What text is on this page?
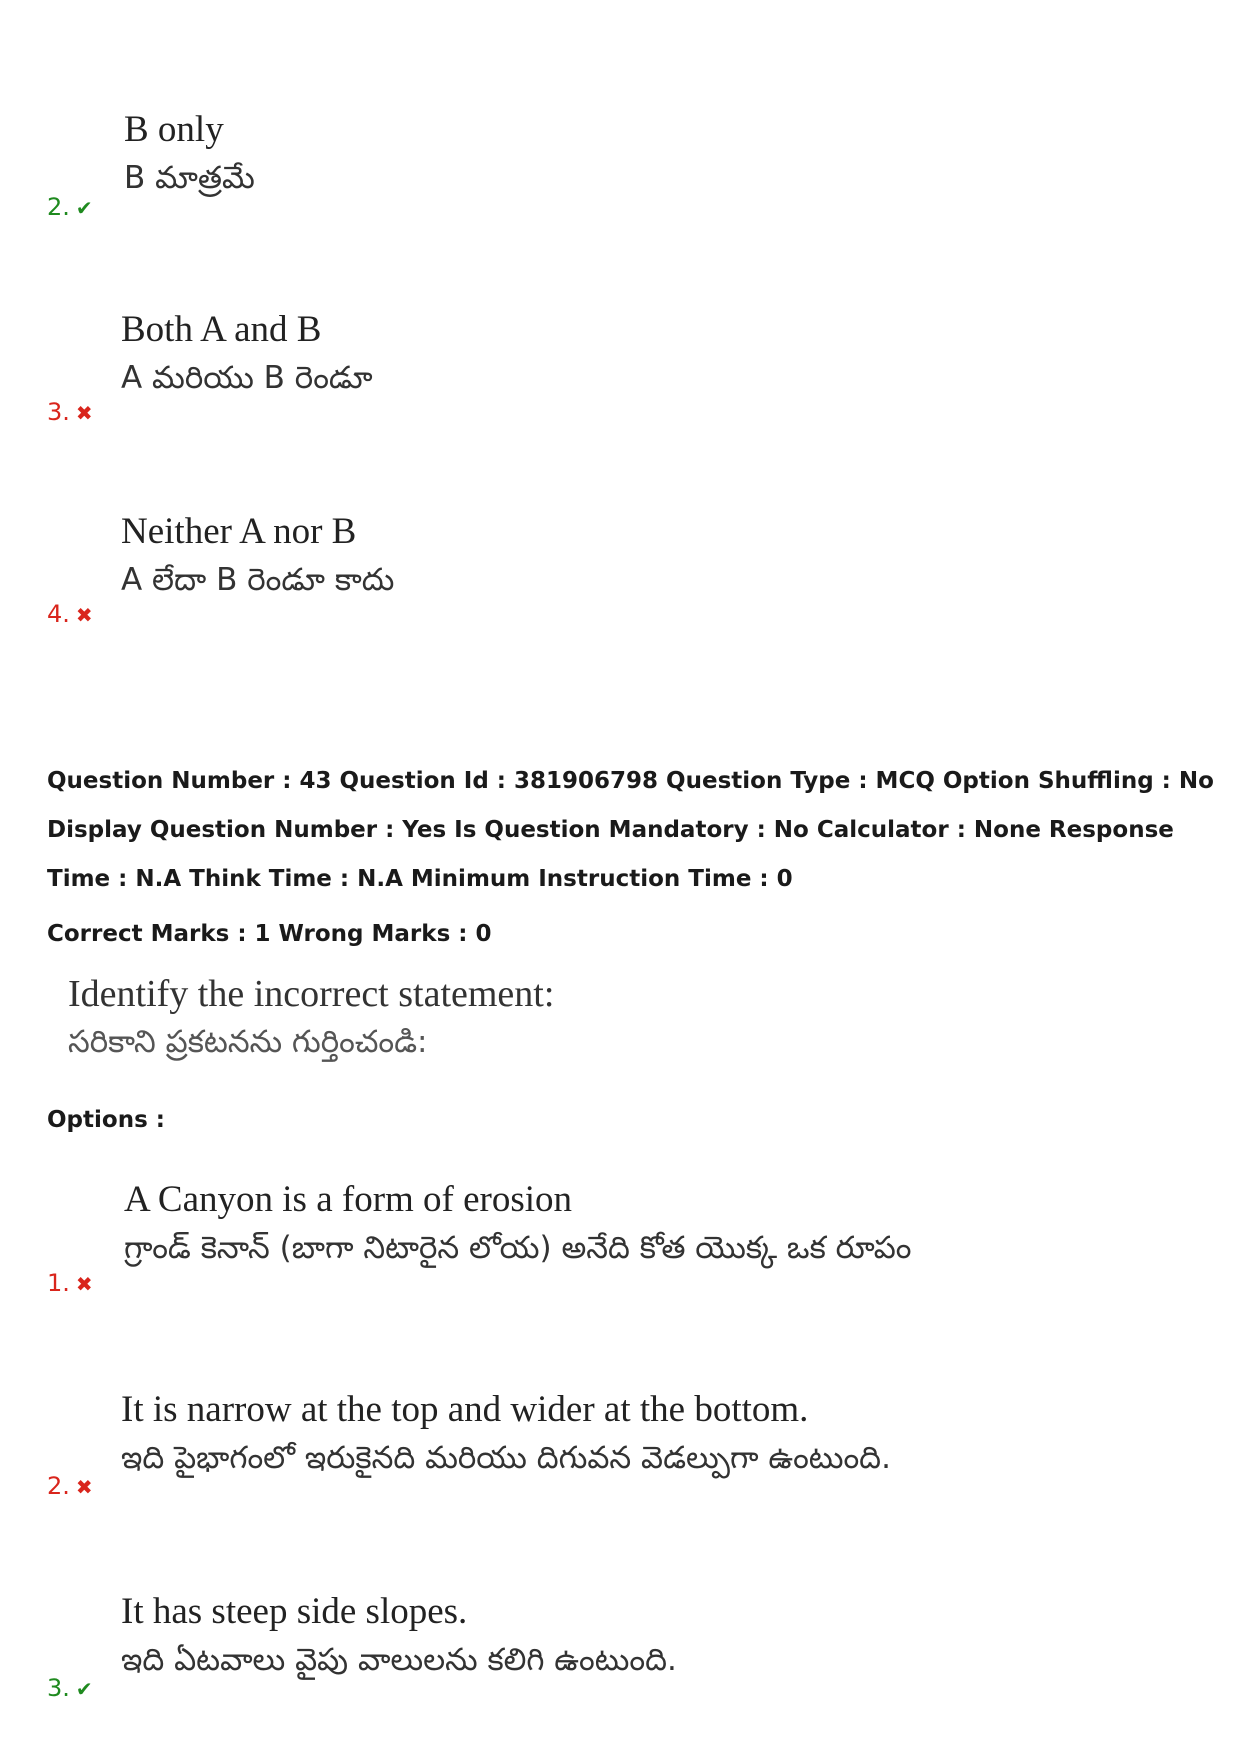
B only
B మాత్రమే
2. ✔
Both A and B
A మరియు B రెండూ
3. ✖
Neither A nor B
A లేదా B రెండూ కాదు
4. ✖
Question Number : 43 Question Id : 381906798 Question Type : MCQ Option Shuffling : No Display Question Number : Yes Is Question Mandatory : No Calculator : None Response Time : N.A Think Time : N.A Minimum Instruction Time : 0
Correct Marks : 1 Wrong Marks : 0
Identify the incorrect statement:
సరికాని ప్రకటనను గుర్తించండి:
Options :
A Canyon is a form of erosion
గ్రాండ్ కెనాన్ (బాగా నిటారైన లోయ) అనేది కోత యొక్క ఒక రూపం
1. ✖
It is narrow at the top and wider at the bottom.
ఇది పైభాగంలో ఇరుకైనది మరియు దిగువన వెడల్పుగా ఉంటుంది.
2. ✖
It has steep side slopes.
ఇది ఏటవాలు వైపు వాలులను కలిగి ఉంటుంది.
3. ✔
